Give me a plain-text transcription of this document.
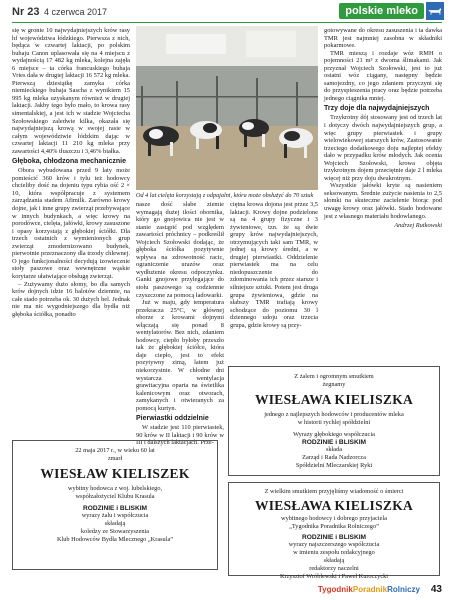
Nr 23 4 czerwca 2017	polskie mleko

się w gronie 10 najwydajniejszych krów rasy hf województwa łódzkiego. Pierwsza z nich, będąca w czwartej laktacji, po polskim buhaju Canon uplasowała się na 4 miejscu z wydajnością 17 482 kg mleka, kolejna zajęła 6 miejsce – ta córka francuskiego buhaja Vries dała w drugiej laktacji 16 572 kg mleka. Pierwszą dziesiątkę zamyka córka niemieckiego buhaja Sascha z wynikiem 15 995 kg mleka uzyskanym również w drugiej laktacji. Jakby tego było mało, to krowa rasy simentalskiej, a jest ich w stadzie Wojciecha Szołowskiego zaledwie kilka, okazała się najwydajniejszą krową w swojej rasie w całym województwie łódzkim dając w czwartej laktacji 11 210 kg mleka przy zawartości 4,40% tłuszczu i 3,46% białka.

Głęboka, chłodzona mechanicznie

Obora wybudowana przed 9 laty może pomieścić 360 krów i tylu też hodowcy chcieliby dość na dojeniu typu rybia ość 2 × 10, która współpracuje z systemem zarządzania stadem Afimilk. Zarówno krowy dojne, jak i inne grupy zwierząt przebywające w innych budynkach, a więc krowy na porodówce, cielęta, jałówki, krowy zasuszone i opasy korzystają z głębokiej ściółki. Dla trzech ostatnich z wymienionych grup zwierząt zmodernizowano budynek, pierwotnie przeznaczony dla trzody chlewnej. O jego funkcjonalności decydują izowiecznie stoły paszowe oraz wewnętrzne wąskie korytarze ułatwiające obsługę zwierząt.

– Zużywamy dużo słomy, bo dla samych krów dojnych idzie 16 balotów dziennie, na całe stado potrzeba ok. 30 dużych bel. Jednak nie ma nic wygodniejszego dla bydła niż głęboka ściółka, ponadto

Od 4 lat cielęta korzystają z odpajalni, która może obsłużyć do 70 sztuk

nasze dość słabe ziemie wymagają dużej ilości obornika, który go gnojowica nie jest w stanie zastąpić pod względem zawartości próchnicy – podkreślił Wojciech Szołowski dodając, że głęboka ściółka pozytywnie wpływa na zdrowotność racic, ograniczenie urazów oraz wydłużenie okresu odpoczynku. Ganki gnojowe przylegające do stołu paszowego są codziennie czyszczone za pomocą ładowarki.

Już w maju, gdy temperatura przekracza 25°C, w głównej oborze z krowami dojnymi włączają się ponad 8 wentylatorów. Bez nich, zdaniem hodowcy, ciepło byłoby przeszło tak że głębokiej ściółce, która daje ciepło, jest to efekt pozytywny zimą, latem już niekorzystnie. W chłodne dni wystarcza wentylacja grawitacyjna oparta na świetlika kalenicowym oraz otworach, zamykanych i otwieranych za pomocą kurtyn.

Pierwiastki oddzielnie

W stadzie jest 110 pierwiastek, 90 krów w II laktacji i 90 krów w III i dalszych laktacjach. Prze-

ciętna krowa dojona jest przez 3,5 laktacji. Krowy dojne podzielone są na 4 grupy fizyczne i 3 żywieniowe, tzn. że są dwie grupy krów najwydajniejszych, otrzymujących taki sam TMR, w jednej są krowy średni, a w drugiej pierwiastki. Oddzielenie pierwiastek ma na celu niedopuszczenie do zdominowania ich przez starsze i silniejsze sztuki. Potem jest druga grupa żywieniowa, gdzie na słabszy TMR trafiają krowy schodzące do poziomu 30 l dziennego udoju oraz trzecia grupa, gdzie krowy są przy-

gotowywane do okresu zasuszenia i ta dawka TMR jest najmniej zasobna w składniki pokarmowe.

TMR mieszą i rozdaje wóz RMH o pojemności 21 m³ z dwoma ślimakami. Jak przyznał Wojciech Szołowski, jest to już ostatni wóz ciągany, następny będzie samojezdny, co jego zdaniem przyczyni się do przyspieszenia pracy oraz będzie potrzeba jednego ciągnika mniej.

Trzy doje dla najwydajniejszych

Trzykrotny dój stosowany jest od trzech lat i dotyczy dwóch najwydajniejszych grup, a więc grupy pierwiastek i grupy wielowiekowej starszych krów, Zastosowanie trzeciego dodatkowego doju najlepiej efekty dało w przypadku krów młodych. Jak ocenia Wojciech Szołowski, krowa objęta trzykrotnym dojem przeciętnie daje 2 l mleka więcej niż przy doju dwukrotnym.

Wszystkie jałówki kryte są nasieniem seksowanym. Średnie zużycie nasienia to 2,5 słomki na skuteczne zacielenie biorąc pod uwagę krowy oraz jałówki. Stado hodowane jest z własnego materiału hodowlanego.

Andrzej Rutkowski
Z żalem i ogromnym smutkiem
żegnamy
WIESŁAWA KIELISZKA
jednego z najlepszych hodowców i producentów mleka
w historii rychlej spółdzielni
Wyrazy głębokiego współczucia
RODZINIE i BLISKIM
składa
Zarząd i Rada Nadzorcza
Spółdzielni Mleczarskiej Ryki
22 maja 2017 r., w wieku 60 lat
zmarł
WIESŁAW KIELISZEK
wybitny hodowca z woj. lubelskiego,
współzałożyciel Klubu Krasula
RODZINIE i BLISKIM
wyrazy żalu i współczucia
składają
koledzy ze Stowarzyszenia
Klub Hodowców Bydła Mlecznego „Krasula”
Z wielkim smutkiem przyjęliśmy wiadomość o śmierci
WIESŁAWA KIELISZKA
wybitnego hodowcy i dobrego przyjaciela
„Tygodnika Poradnika Rolniczego”
RODZINIE i BLISKIM
wyrazy najszczerszego współczucia
w imieniu zespołu redakcyjnego
składają
redaktorzy naczelni
Krzysztof Wróblewski i Paweł Kuroczycki
TygodnikPoradnikRolniczy 43
